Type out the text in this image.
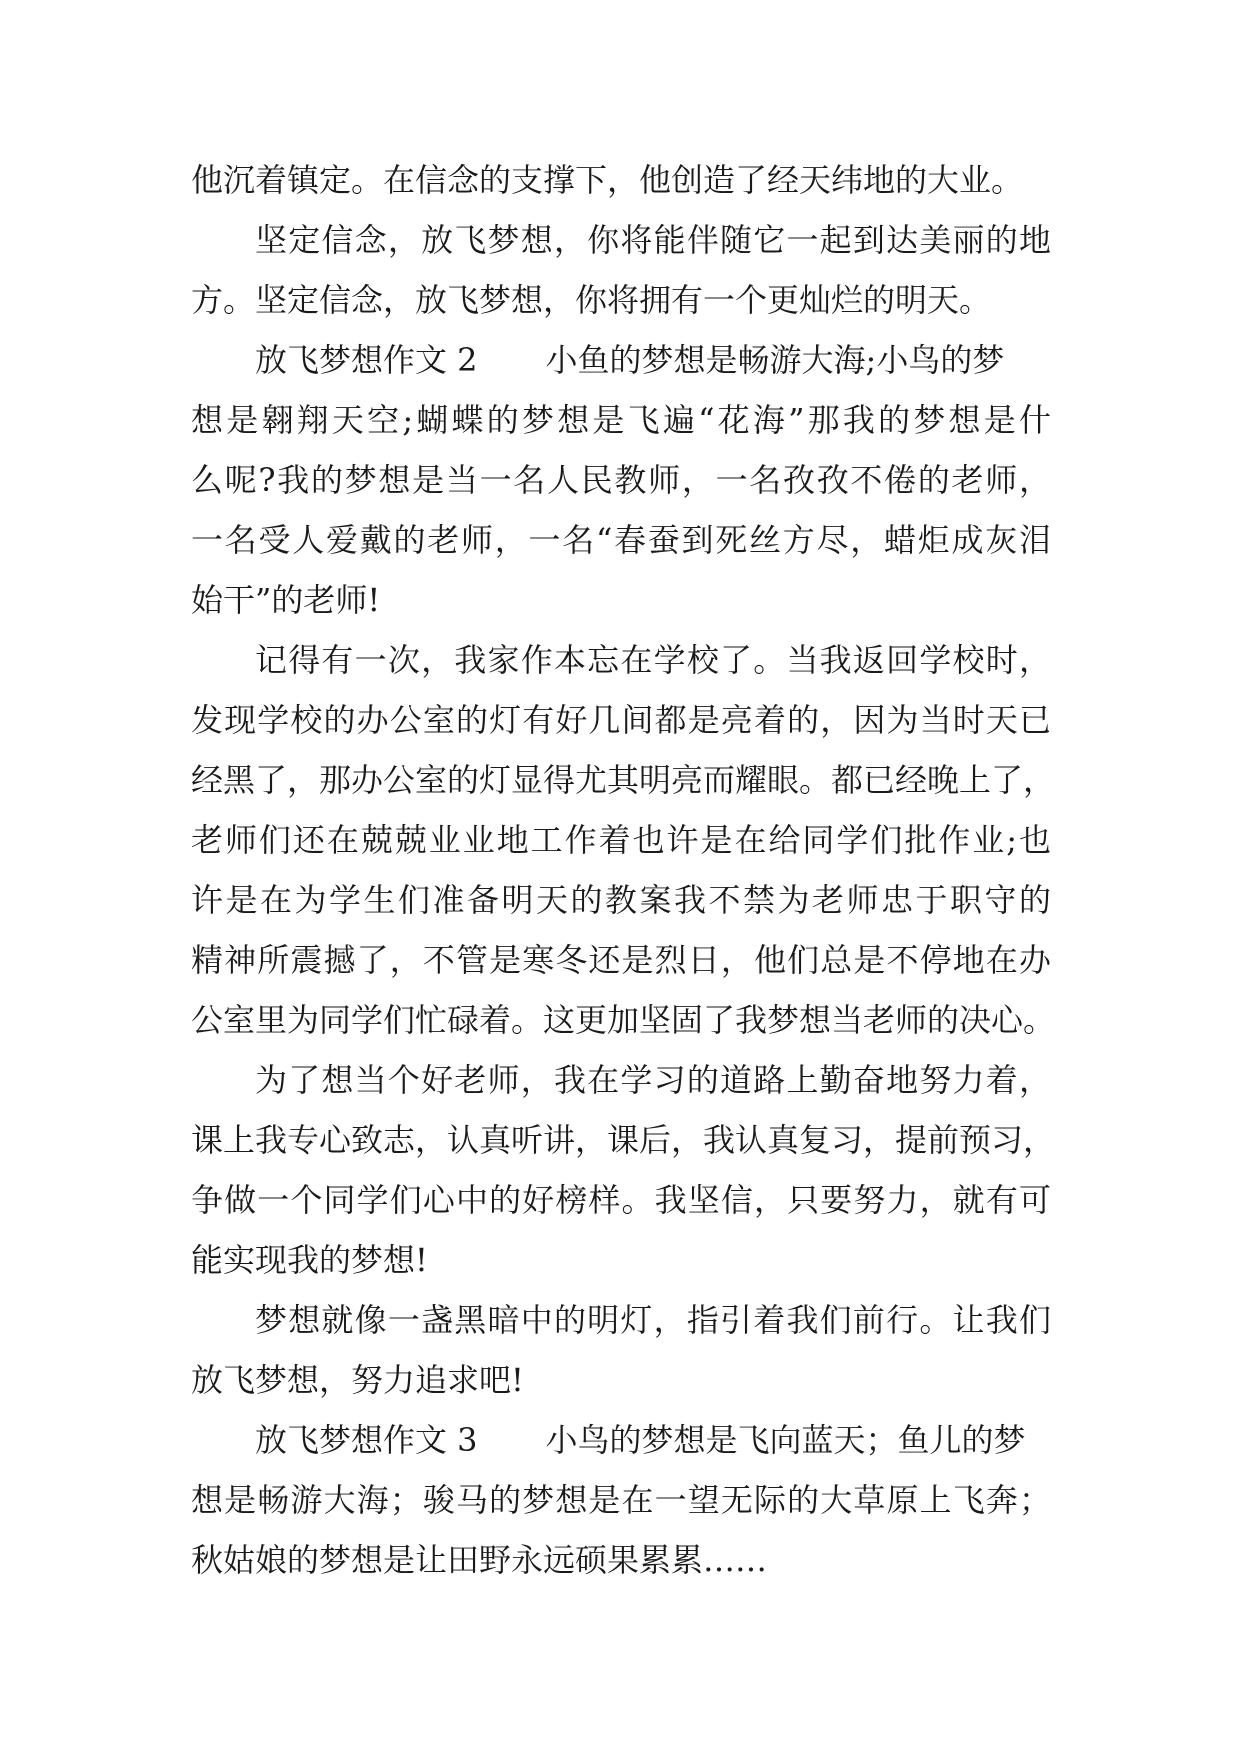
他沉着镇定。在信念的支撑下，他创造了经天纬地的大业。
坚定信念，放飞梦想，你将能伴随它一起到达美丽的地
方。坚定信念，放飞梦想，你将拥有一个更灿烂的明天。
放飞梦想作文 2 小鱼的梦想是畅游大海;小鸟的梦
想是翱翔天空;蝴蝶的梦想是飞遍“花海”那我的梦想是什
么呢?我的梦想是当一名人民教师，一名孜孜不倦的老师，
一名受人爱戴的老师，一名“春蚕到死丝方尽，蜡炬成灰泪
始干”的老师!
记得有一次，我家作本忘在学校了。当我返回学校时，
发现学校的办公室的灯有好几间都是亮着的，因为当时天已
经黑了，那办公室的灯显得尤其明亮而耀眼。都已经晚上了，
老师们还在兢兢业业地工作着也许是在给同学们批作业;也
许是在为学生们准备明天的教案我不禁为老师忠于职守的
精神所震撼了，不管是寒冬还是烈日，他们总是不停地在办
公室里为同学们忙碌着。这更加坚固了我梦想当老师的决心。
为了想当个好老师，我在学习的道路上勤奋地努力着，
课上我专心致志，认真听讲，课后，我认真复习，提前预习，
争做一个同学们心中的好榜样。我坚信，只要努力，就有可
能实现我的梦想!
梦想就像一盏黑暗中的明灯，指引着我们前行。让我们
放飞梦想，努力追求吧!
放飞梦想作文 3 小鸟的梦想是飞向蓝天；鱼儿的梦
想是畅游大海；骏马的梦想是在一望无际的大草原上飞奔；
秋姑娘的梦想是让田野永远硕果累累……
